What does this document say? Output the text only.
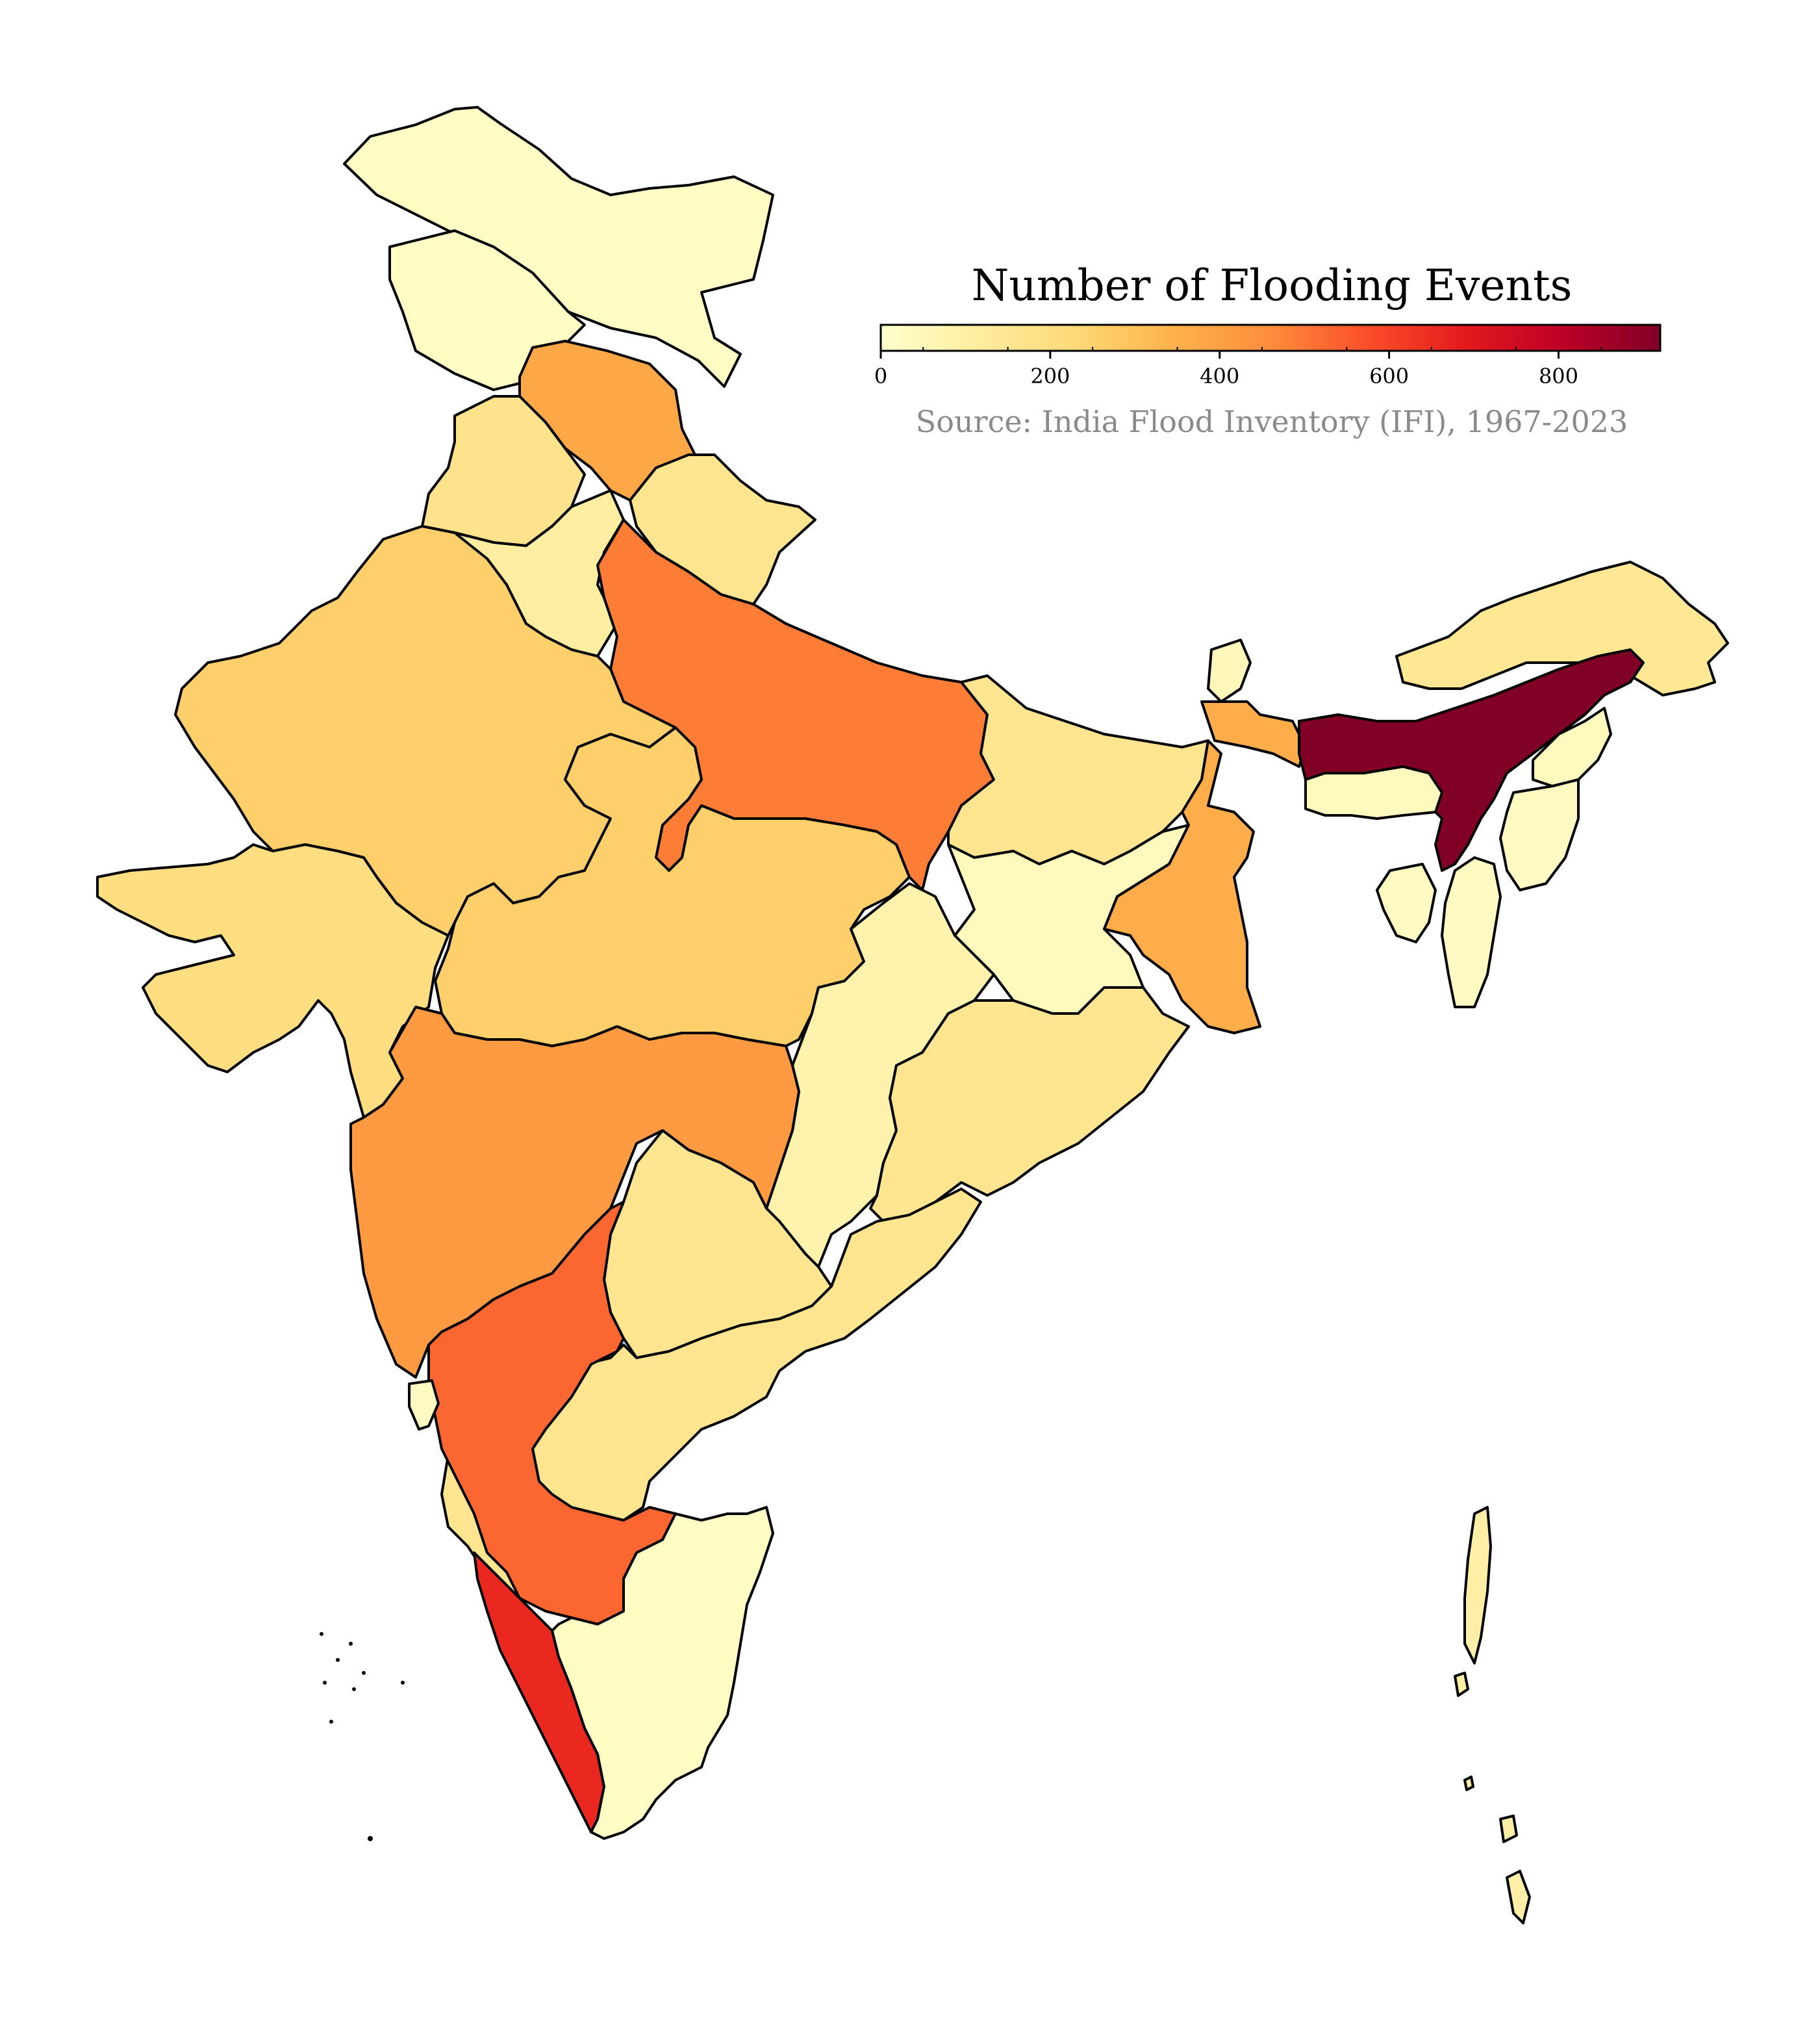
Number of Flooding Events
0	200	400	600	800
Source: India Flood Inventory (IFI), 1967-2023
